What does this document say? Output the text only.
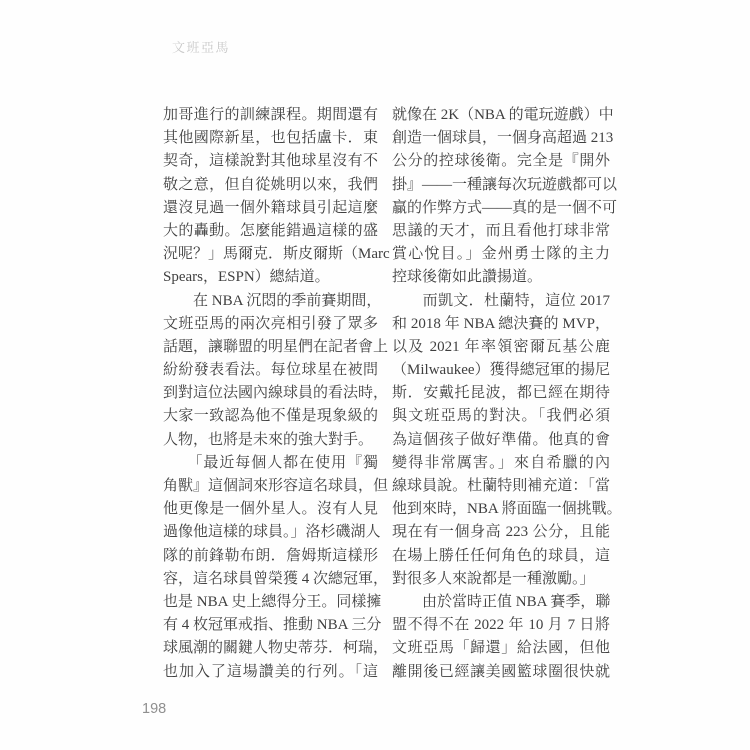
文班亞馬
加哥進行的訓練課程。期間還有
其他國際新星，也包括盧卡．東
契奇，這樣說對其他球星沒有不
敬之意，但自從姚明以來，我們
還沒見過一個外籍球員引起這麼
大的轟動。怎麼能錯過這樣的盛
況呢？」馬爾克．斯皮爾斯（Marc
Spears，ESPN）總結道。
　　在 NBA 沉悶的季前賽期間，
文班亞馬的兩次亮相引發了眾多
話題，讓聯盟的明星們在記者會上
紛紛發表看法。每位球星在被問
到對這位法國內線球員的看法時，
大家一致認為他不僅是現象級的
人物，也將是未來的強大對手。
　　「最近每個人都在使用『獨
角獸』這個詞來形容這名球員，但
他更像是一個外星人。沒有人見
過像他這樣的球員。」洛杉磯湖人
隊的前鋒勒布朗．詹姆斯這樣形
容，這名球員曾榮獲 4 次總冠軍，
也是 NBA 史上總得分王。同樣擁
有 4 枚冠軍戒指、推動 NBA 三分
球風潮的關鍵人物史蒂芬．柯瑞，
也加入了這場讚美的行列。「這
就像在 2K（NBA 的電玩遊戲）中
創造一個球員，一個身高超過 213
公分的控球後衛。完全是『開外
掛』——一種讓每次玩遊戲都可以
贏的作弊方式——真的是一個不可
思議的天才，而且看他打球非常
賞心悅目。」金州勇士隊的主力
控球後衛如此讚揚道。
　　而凱文．杜蘭特，這位 2017
和 2018 年 NBA 總決賽的 MVP，
以及 2021 年率領密爾瓦基公鹿
（Milwaukee）獲得總冠軍的揚尼
斯．安戴托昆波，都已經在期待
與文班亞馬的對決。「我們必須
為這個孩子做好準備。他真的會
變得非常厲害。」來自希臘的內
線球員說。杜蘭特則補充道：「當
他到來時，NBA 將面臨一個挑戰。
現在有一個身高 223 公分，且能
在場上勝任任何角色的球員，這
對很多人來說都是一種激勵。」
　　由於當時正值 NBA 賽季，聯
盟不得不在 2022 年 10 月 7 日將
文班亞馬「歸還」給法國，但他
離開後已經讓美國籃球圈很快就
198
